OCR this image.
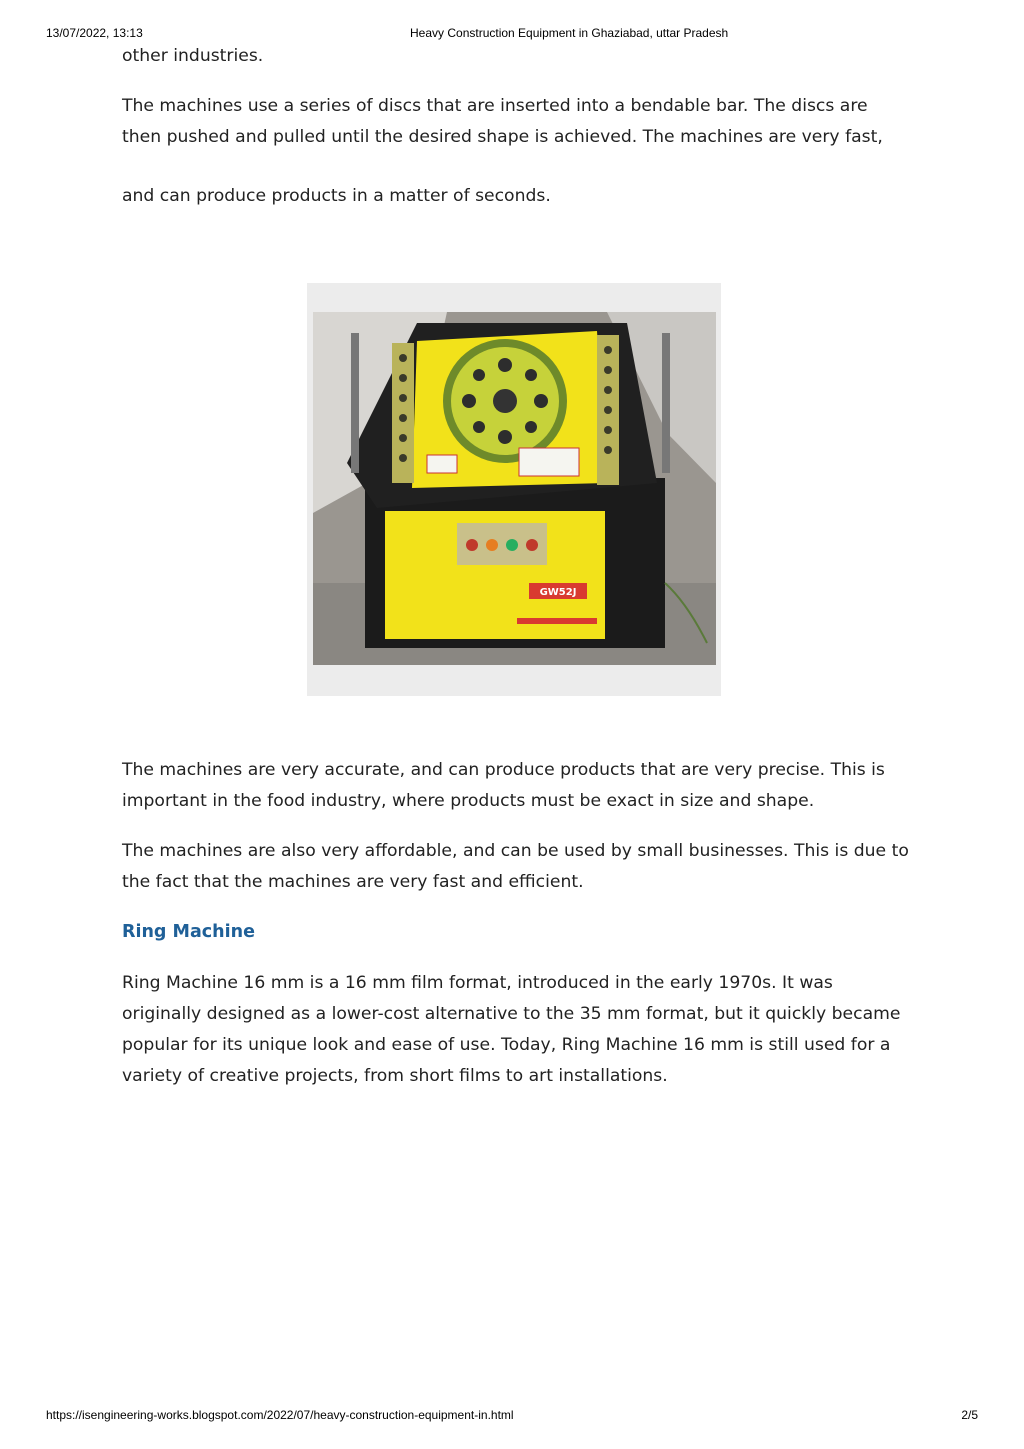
13/07/2022, 13:13	Heavy Construction Equipment in Ghaziabad, uttar Pradesh

other industries.

The machines use a series of discs that are inserted into a bendable bar. The discs are then pushed and pulled until the desired shape is achieved. The machines are very fast,

and can produce products in a matter of seconds.

The machines are very accurate, and can produce products that are very precise. This is important in the food industry, where products must be exact in size and shape.

The machines are also very affordable, and can be used by small businesses. This is due to the fact that the machines are very fast and efficient.

Ring Machine

Ring Machine 16 mm is a 16 mm film format, introduced in the early 1970s. It was originally designed as a lower-cost alternative to the 35 mm format, but it quickly became popular for its unique look and ease of use. Today, Ring Machine 16 mm is still used for a variety of creative projects, from short films to art installations.

GW52J
https://isengineering-works.blogspot.com/2022/07/heavy-construction-equipment-in.html	2/5
